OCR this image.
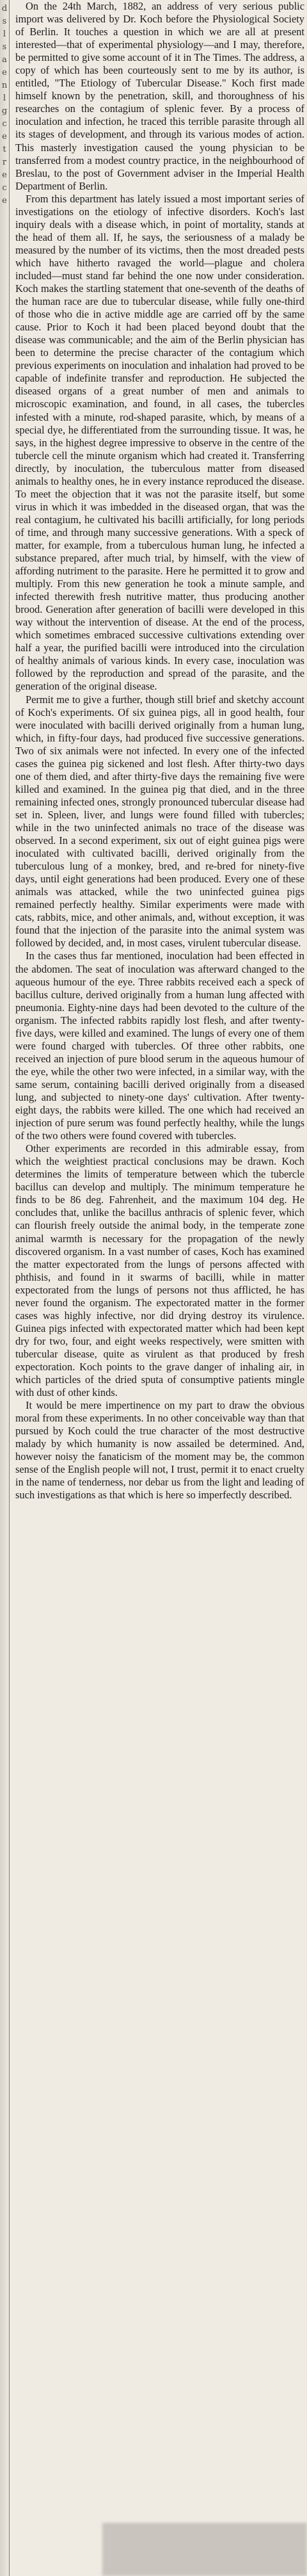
d
s
l
s
a
e
n
l
g
c
e
t
r
e
c
e

On the 24th March, 1882, an address of very serious public import was delivered by Dr. Koch before the Physiological Society of Berlin. It touches a question in which we are all at present interested—that of experimental physiology—and I may, therefore, be permitted to give some account of it in The Times. The address, a copy of which has been courteously sent to me by its author, is entitled, "The Etiology of Tubercular Disease." Koch first made himself known by the penetration, skill, and thoroughness of his researches on the contagium of splenic fever. By a process of inoculation and infection, he traced this terrible parasite through all its stages of development, and through its various modes of action. This masterly investigation caused the young physician to be transferred from a modest country practice, in the neighbourhood of Breslau, to the post of Government adviser in the Imperial Health Department of Berlin.

From this department has lately issued a most important series of investigations on the etiology of infective disorders. Koch's last inquiry deals with a disease which, in point of mortality, stands at the head of them all. If, he says, the seriousness of a malady be measured by the number of its victims, then the most dreaded pests which have hitherto ravaged the world—plague and cholera included—must stand far behind the one now under consideration. Koch makes the startling statement that one-seventh of the deaths of the human race are due to tubercular disease, while fully one-third of those who die in active middle age are carried off by the same cause. Prior to Koch it had been placed beyond doubt that the disease was communicable; and the aim of the Berlin physician has been to determine the precise character of the contagium which previous experiments on inoculation and inhalation had proved to be capable of indefinite transfer and reproduction. He subjected the diseased organs of a great number of men and animals to microscopic examination, and found, in all cases, the tubercles infested with a minute, rod-shaped parasite, which, by means of a special dye, he differentiated from the surrounding tissue. It was, he says, in the highest degree impressive to observe in the centre of the tubercle cell the minute organism which had created it. Transferring directly, by inoculation, the tuberculous matter from diseased animals to healthy ones, he in every instance reproduced the disease. To meet the objection that it was not the parasite itself, but some virus in which it was imbedded in the diseased organ, that was the real contagium, he cultivated his bacilli artificially, for long periods of time, and through many successive generations. With a speck of matter, for example, from a tuberculous human lung, he infected a substance prepared, after much trial, by himself, with the view of affording nutriment to the parasite. Here he permitted it to grow and multiply. From this new generation he took a minute sample, and infected therewith fresh nutritive matter, thus producing another brood. Generation after generation of bacilli were developed in this way without the intervention of disease. At the end of the process, which sometimes embraced successive cultivations extending over half a year, the purified bacilli were introduced into the circulation of healthy animals of various kinds. In every case, inoculation was followed by the reproduction and spread of the parasite, and the generation of the original disease.

Permit me to give a further, though still brief and sketchy account of Koch's experiments. Of six guinea pigs, all in good health, four were inoculated with bacilli derived originally from a human lung, which, in fifty-four days, had produced five successive generations. Two of six animals were not infected. In every one of the infected cases the guinea pig sickened and lost flesh. After thirty-two days one of them died, and after thirty-five days the remaining five were killed and examined. In the guinea pig that died, and in the three remaining infected ones, strongly pronounced tubercular disease had set in. Spleen, liver, and lungs were found filled with tubercles; while in the two uninfected animals no trace of the disease was observed. In a second experiment, six out of eight guinea pigs were inoculated with cultivated bacilli, derived originally from the tuberculous lung of a monkey, bred, and re-bred for ninety-five days, until eight generations had been produced. Every one of these animals was attacked, while the two uninfected guinea pigs remained perfectly healthy. Similar experiments were made with cats, rabbits, mice, and other animals, and, without exception, it was found that the injection of the parasite into the animal system was followed by decided, and, in most cases, virulent tubercular disease.

In the cases thus far mentioned, inoculation had been effected in the abdomen. The seat of inoculation was afterward changed to the aqueous humour of the eye. Three rabbits received each a speck of bacillus culture, derived originally from a human lung affected with pneumonia. Eighty-nine days had been devoted to the culture of the organism. The infected rabbits rapidly lost flesh, and after twenty-five days, were killed and examined. The lungs of every one of them were found charged with tubercles. Of three other rabbits, one received an injection of pure blood serum in the aqueous humour of the eye, while the other two were infected, in a similar way, with the same serum, containing bacilli derived originally from a diseased lung, and subjected to ninety-one days' cultivation. After twenty-eight days, the rabbits were killed. The one which had received an injection of pure serum was found perfectly healthy, while the lungs of the two others were found covered with tubercles.

Other experiments are recorded in this admirable essay, from which the weightiest practical conclusions may be drawn. Koch determines the limits of temperature between which the tubercle bacillus can develop and multiply. The minimum temperature he finds to be 86 deg. Fahrenheit, and the maximum 104 deg. He concludes that, unlike the bacillus anthracis of splenic fever, which can flourish freely outside the animal body, in the temperate zone animal warmth is necessary for the propagation of the newly discovered organism. In a vast number of cases, Koch has examined the matter expectorated from the lungs of persons affected with phthisis, and found in it swarms of bacilli, while in matter expectorated from the lungs of persons not thus afflicted, he has never found the organism. The expectorated matter in the former cases was highly infective, nor did drying destroy its virulence. Guinea pigs infected with expectorated matter which had been kept dry for two, four, and eight weeks respectively, were smitten with tubercular disease, quite as virulent as that produced by fresh expectoration. Koch points to the grave danger of inhaling air, in which particles of the dried sputa of consumptive patients mingle with dust of other kinds.

It would be mere impertinence on my part to draw the obvious moral from these experiments. In no other conceivable way than that pursued by Koch could the true character of the most destructive malady by which humanity is now assailed be determined. And, however noisy the fanaticism of the moment may be, the common sense of the English people will not, I trust, permit it to enact cruelty in the name of tenderness, nor debar us from the light and leading of such investigations as that which is here so imperfectly described.
